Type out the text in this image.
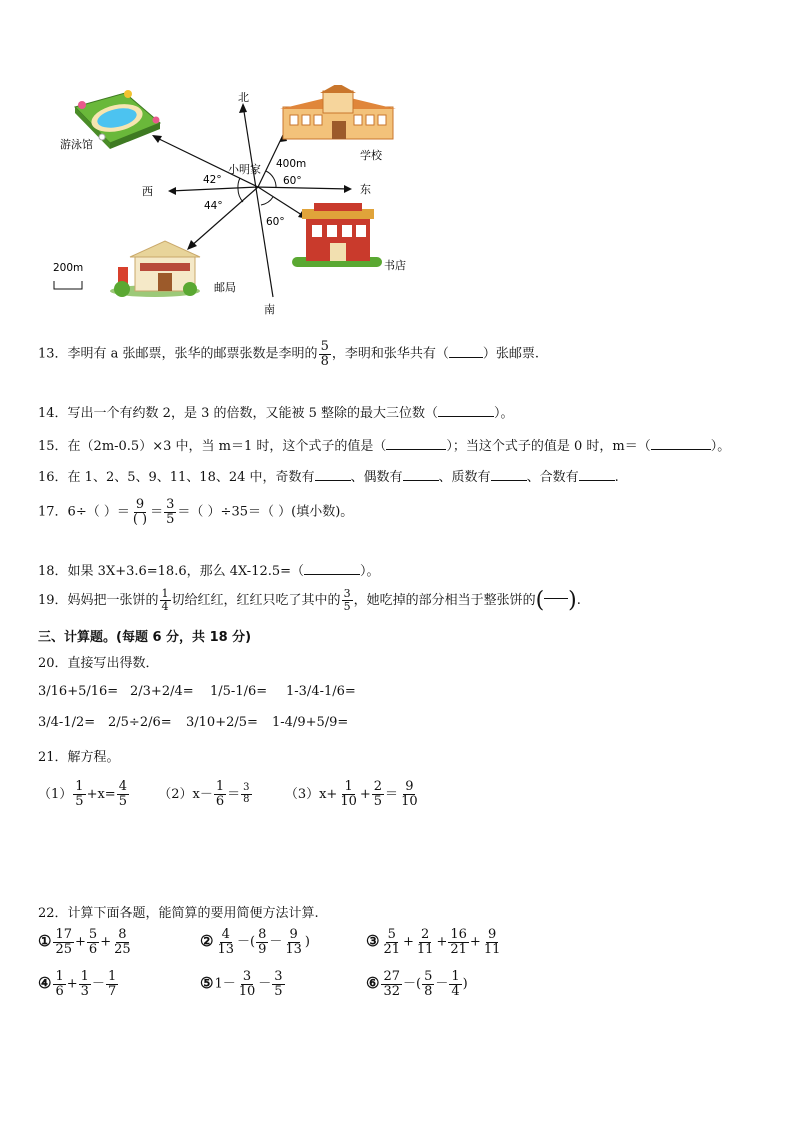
北
南
东
西
小明家
游泳馆
学校
书店
邮局
42°	60°
44°
60°
400m
200m
13．李明有 a 张邮票，张华的邮票张数是李明的 $\frac{5}{8}$ ，李明和张华共有（	）张邮票.
14．写出一个有约数 2，是 3 的倍数，又能被 5 整除的最大三位数（	）。
15．在（2m-0.5）×3 中，当 m＝1 时，这个式子的值是（	）；当这个式子的值是 0 时，m＝（	）。
16．在 1、2、5、9、11、18、24 中，奇数有	、偶数有	、质数有	、合数有	.
17．6÷（ ）＝ $\frac{9}{( )} = \frac{3}{5}$ ＝（ ）÷35＝（ ）(填小数)。
18．如果 3X+3.6=18.6，那么 4X-12.5=（	）。
19．妈妈把一张饼的 $\frac{1}{4}$ 切给红红，红红只吃了其中的 $\frac{3}{5}$ ，她吃掉的部分相当于整张饼的( ).
三、计算题。(每题 6 分，共 18 分)
20．直接写出得数．
3/16+5/16= 2/3+2/4= 1/5-1/6= 1-3/4-1/6=
3/4-1/2= 2/5÷2/6= 3/10+2/5= 1-4/9+5/9=
21．解方程。
$(1) \frac{1}{5} +x= \frac{4}{5} (2)x- \frac{1}{6} = \frac{3}{8}$	$(3)x+ \frac{1}{10} + \frac{2}{5} = \frac{9}{10}$
22．计算下面各题，能简算的要用简便方法计算.
① $\frac{17}{25} + \frac{5}{6} + \frac{8}{25}$	② $\frac{4}{13}$ －( $\frac{8}{9} - \frac{9}{13}$ )	③ $\frac{5}{21} + \frac{2}{11} + \frac{16}{21} + \frac{9}{11}$
④ $\frac{1}{6} + \frac{1}{3} - \frac{1}{7}$	⑤1－ $\frac{3}{10} - \frac{3}{5}$	⑥ $\frac{27}{32}$ －( $\frac{5}{8} - \frac{1}{4}$ )
